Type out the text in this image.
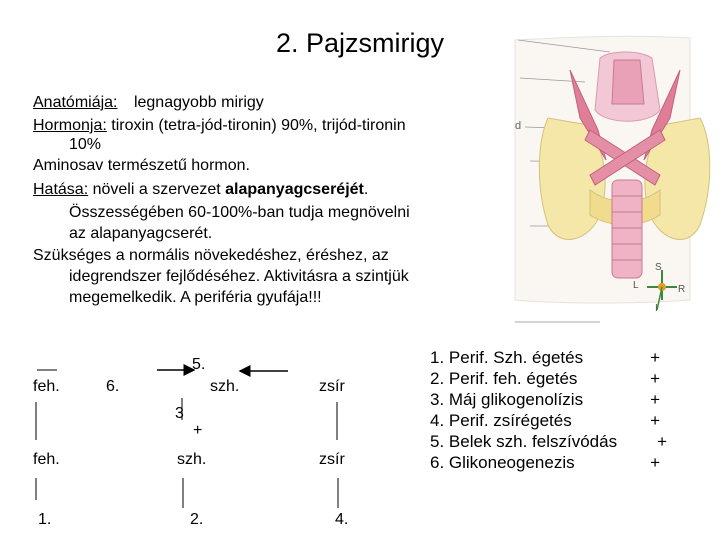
2. Pajzsmirigy
Anatómiája: legnagyobb mirigy
Hormonja: tiroxin (tetra-jód-tironin) 90%, trijód-tironin
10%
Aminosav természetű hormon.
Hatása: növeli a szervezet alapanyagcseréjét.
Összességében 60-100%-ban tudja megnövelni
az alapanyagcserét.
Szükséges a normális növekedéshez, éréshez, az
idegrendszer fejlődéséhez. Aktivitásra a szintjük
megemelkedik. A periféria gyufája!!!
d
S
L	R
I
feh.	6.
5.
szh.	zsír
3
+
feh.	szh.	zsír
1.	2.	4.
1. Perif. Szh. égetés	+
2. Perif. feh. égetés	+
3. Máj glikogenolízis	+
4. Perif. zsírégetés	+
5. Belek szh. felszívódás +
6. Glikoneogenezis	+
